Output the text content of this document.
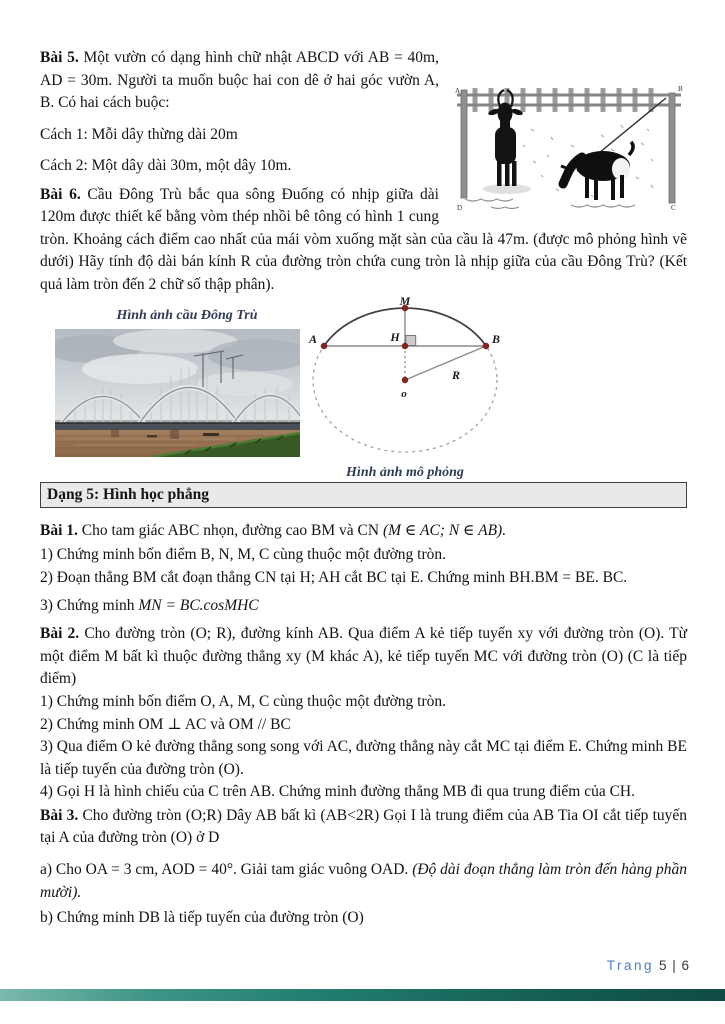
A	B
D	C
Bài 5. Một vườn có dạng hình chữ nhật ABCD với AB = 40m, AD = 30m. Người ta muốn buộc hai con dê ở hai góc vườn A, B. Có hai cách buộc:

Cách 1: Mỗi dây thừng dài 20m

Cách 2: Một dây dài 30m, một dây 10m.

Bài 6. Cầu Đông Trù bắc qua sông Đuống có nhịp giữa dài 120m được thiết kế bằng vòm thép nhồi bê tông có hình 1 cung tròn. Khoảng cách điểm cao nhất của mái vòm xuống mặt sàn của cầu là 47m. (được mô phỏng hình vẽ dưới) Hãy tính độ dài bán kính R của đường tròn chứa cung tròn là nhịp giữa của cầu Đông Trù? (Kết quả làm tròn đến 2 chữ số thập phân).

Hình ảnh cầu Đông Trù
M
A	H	B
o
R
Hình ảnh mô phỏng
Dạng 5: Hình học phẳng

Bài 1. Cho tam giác ABC nhọn, đường cao BM và CN (M ∈ AC; N ∈ AB).

1) Chứng minh bốn điểm B, N, M, C cùng thuộc một đường tròn.

2) Đoạn thẳng BM cắt đoạn thẳng CN tại H; AH cắt BC tại E. Chứng minh BH.BM = BE. BC.

3) Chứng minh MN = BC.cosMHC

Bài 2. Cho đường tròn (O; R), đường kính AB. Qua điểm A kẻ tiếp tuyến xy với đường tròn (O). Từ một điểm M bất kì thuộc đường thẳng xy (M khác A), kẻ tiếp tuyến MC với đường tròn (O) (C là tiếp điểm)

1) Chứng minh bốn điểm O, A, M, C cùng thuộc một đường tròn.

2) Chứng minh OM ⊥ AC và OM // BC

3) Qua điểm O kẻ đường thẳng song song với AC, đường thẳng này cắt MC tại điểm E. Chứng minh BE là tiếp tuyến của đường tròn (O).

4) Gọi H là hình chiếu của C trên AB. Chứng minh đường thẳng MB đi qua trung điểm của CH.

Bài 3. Cho đường tròn (O;R) Dây AB bất kì (AB<2R) Gọi I là trung điểm của AB Tia OI cắt tiếp tuyến tại A của đường tròn (O) ở D

a) Cho OA = 3 cm, AOD = 40°. Giải tam giác vuông OAD. (Độ dài đoạn thẳng làm tròn đến hàng phần mười).

b) Chứng minh DB là tiếp tuyến của đường tròn (O)

Trang 5 | 6
